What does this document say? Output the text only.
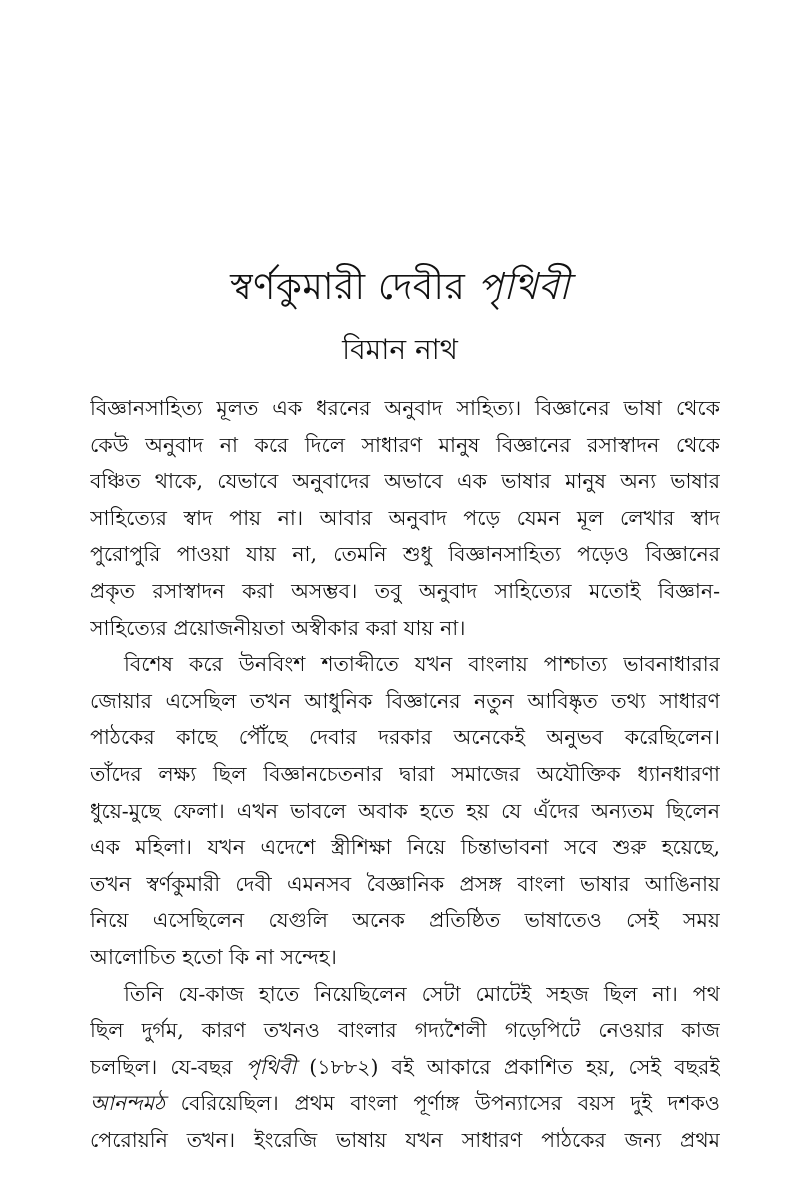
স্বর্ণকুমারী দেবীর পৃথিবী
বিমান নাথ
বিজ্ঞানসাহিত্য মূলত এক ধরনের অনুবাদ সাহিত্য। বিজ্ঞানের ভাষা থেকে
কেউ অনুবাদ না করে দিলে সাধারণ মানুষ বিজ্ঞানের রসাস্বাদন থেকে
বঞ্চিত থাকে, যেভাবে অনুবাদের অভাবে এক ভাষার মানুষ অন্য ভাষার
সাহিত্যের স্বাদ পায় না। আবার অনুবাদ পড়ে যেমন মূল লেখার স্বাদ
পুরোপুরি পাওয়া যায় না, তেমনি শুধু বিজ্ঞানসাহিত্য পড়েও বিজ্ঞানের
প্রকৃত রসাস্বাদন করা অসম্ভব। তবু অনুবাদ সাহিত্যের মতোই বিজ্ঞান-
সাহিত্যের প্রয়োজনীয়তা অস্বীকার করা যায় না।
বিশেষ করে উনবিংশ শতাব্দীতে যখন বাংলায় পাশ্চাত্য ভাবনাধারার
জোয়ার এসেছিল তখন আধুনিক বিজ্ঞানের নতুন আবিষ্কৃত তথ্য সাধারণ
পাঠকের কাছে পৌঁছে দেবার দরকার অনেকেই অনুভব করেছিলেন।
তাঁদের লক্ষ্য ছিল বিজ্ঞানচেতনার দ্বারা সমাজের অযৌক্তিক ধ্যানধারণা
ধুয়ে-মুছে ফেলা। এখন ভাবলে অবাক হতে হয় যে এঁদের অন্যতম ছিলেন
এক মহিলা। যখন এদেশে স্ত্রীশিক্ষা নিয়ে চিন্তাভাবনা সবে শুরু হয়েছে,
তখন স্বর্ণকুমারী দেবী এমনসব বৈজ্ঞানিক প্রসঙ্গ বাংলা ভাষার আঙিনায়
নিয়ে এসেছিলেন যেগুলি অনেক প্রতিষ্ঠিত ভাষাতেও সেই সময়
আলোচিত হতো কি না সন্দেহ।
তিনি যে-কাজ হাতে নিয়েছিলেন সেটা মোটেই সহজ ছিল না। পথ
ছিল দুর্গম, কারণ তখনও বাংলার গদ্যশৈলী গড়েপিটে নেওয়ার কাজ
চলছিল। যে-বছর পৃথিবী (১৮৮২) বই আকারে প্রকাশিত হয়, সেই বছরই
আনন্দমঠ বেরিয়েছিল। প্রথম বাংলা পূর্ণাঙ্গ উপন্যাসের বয়স দুই দশকও
পেরোয়নি তখন। ইংরেজি ভাষায় যখন সাধারণ পাঠকের জন্য প্রথম
